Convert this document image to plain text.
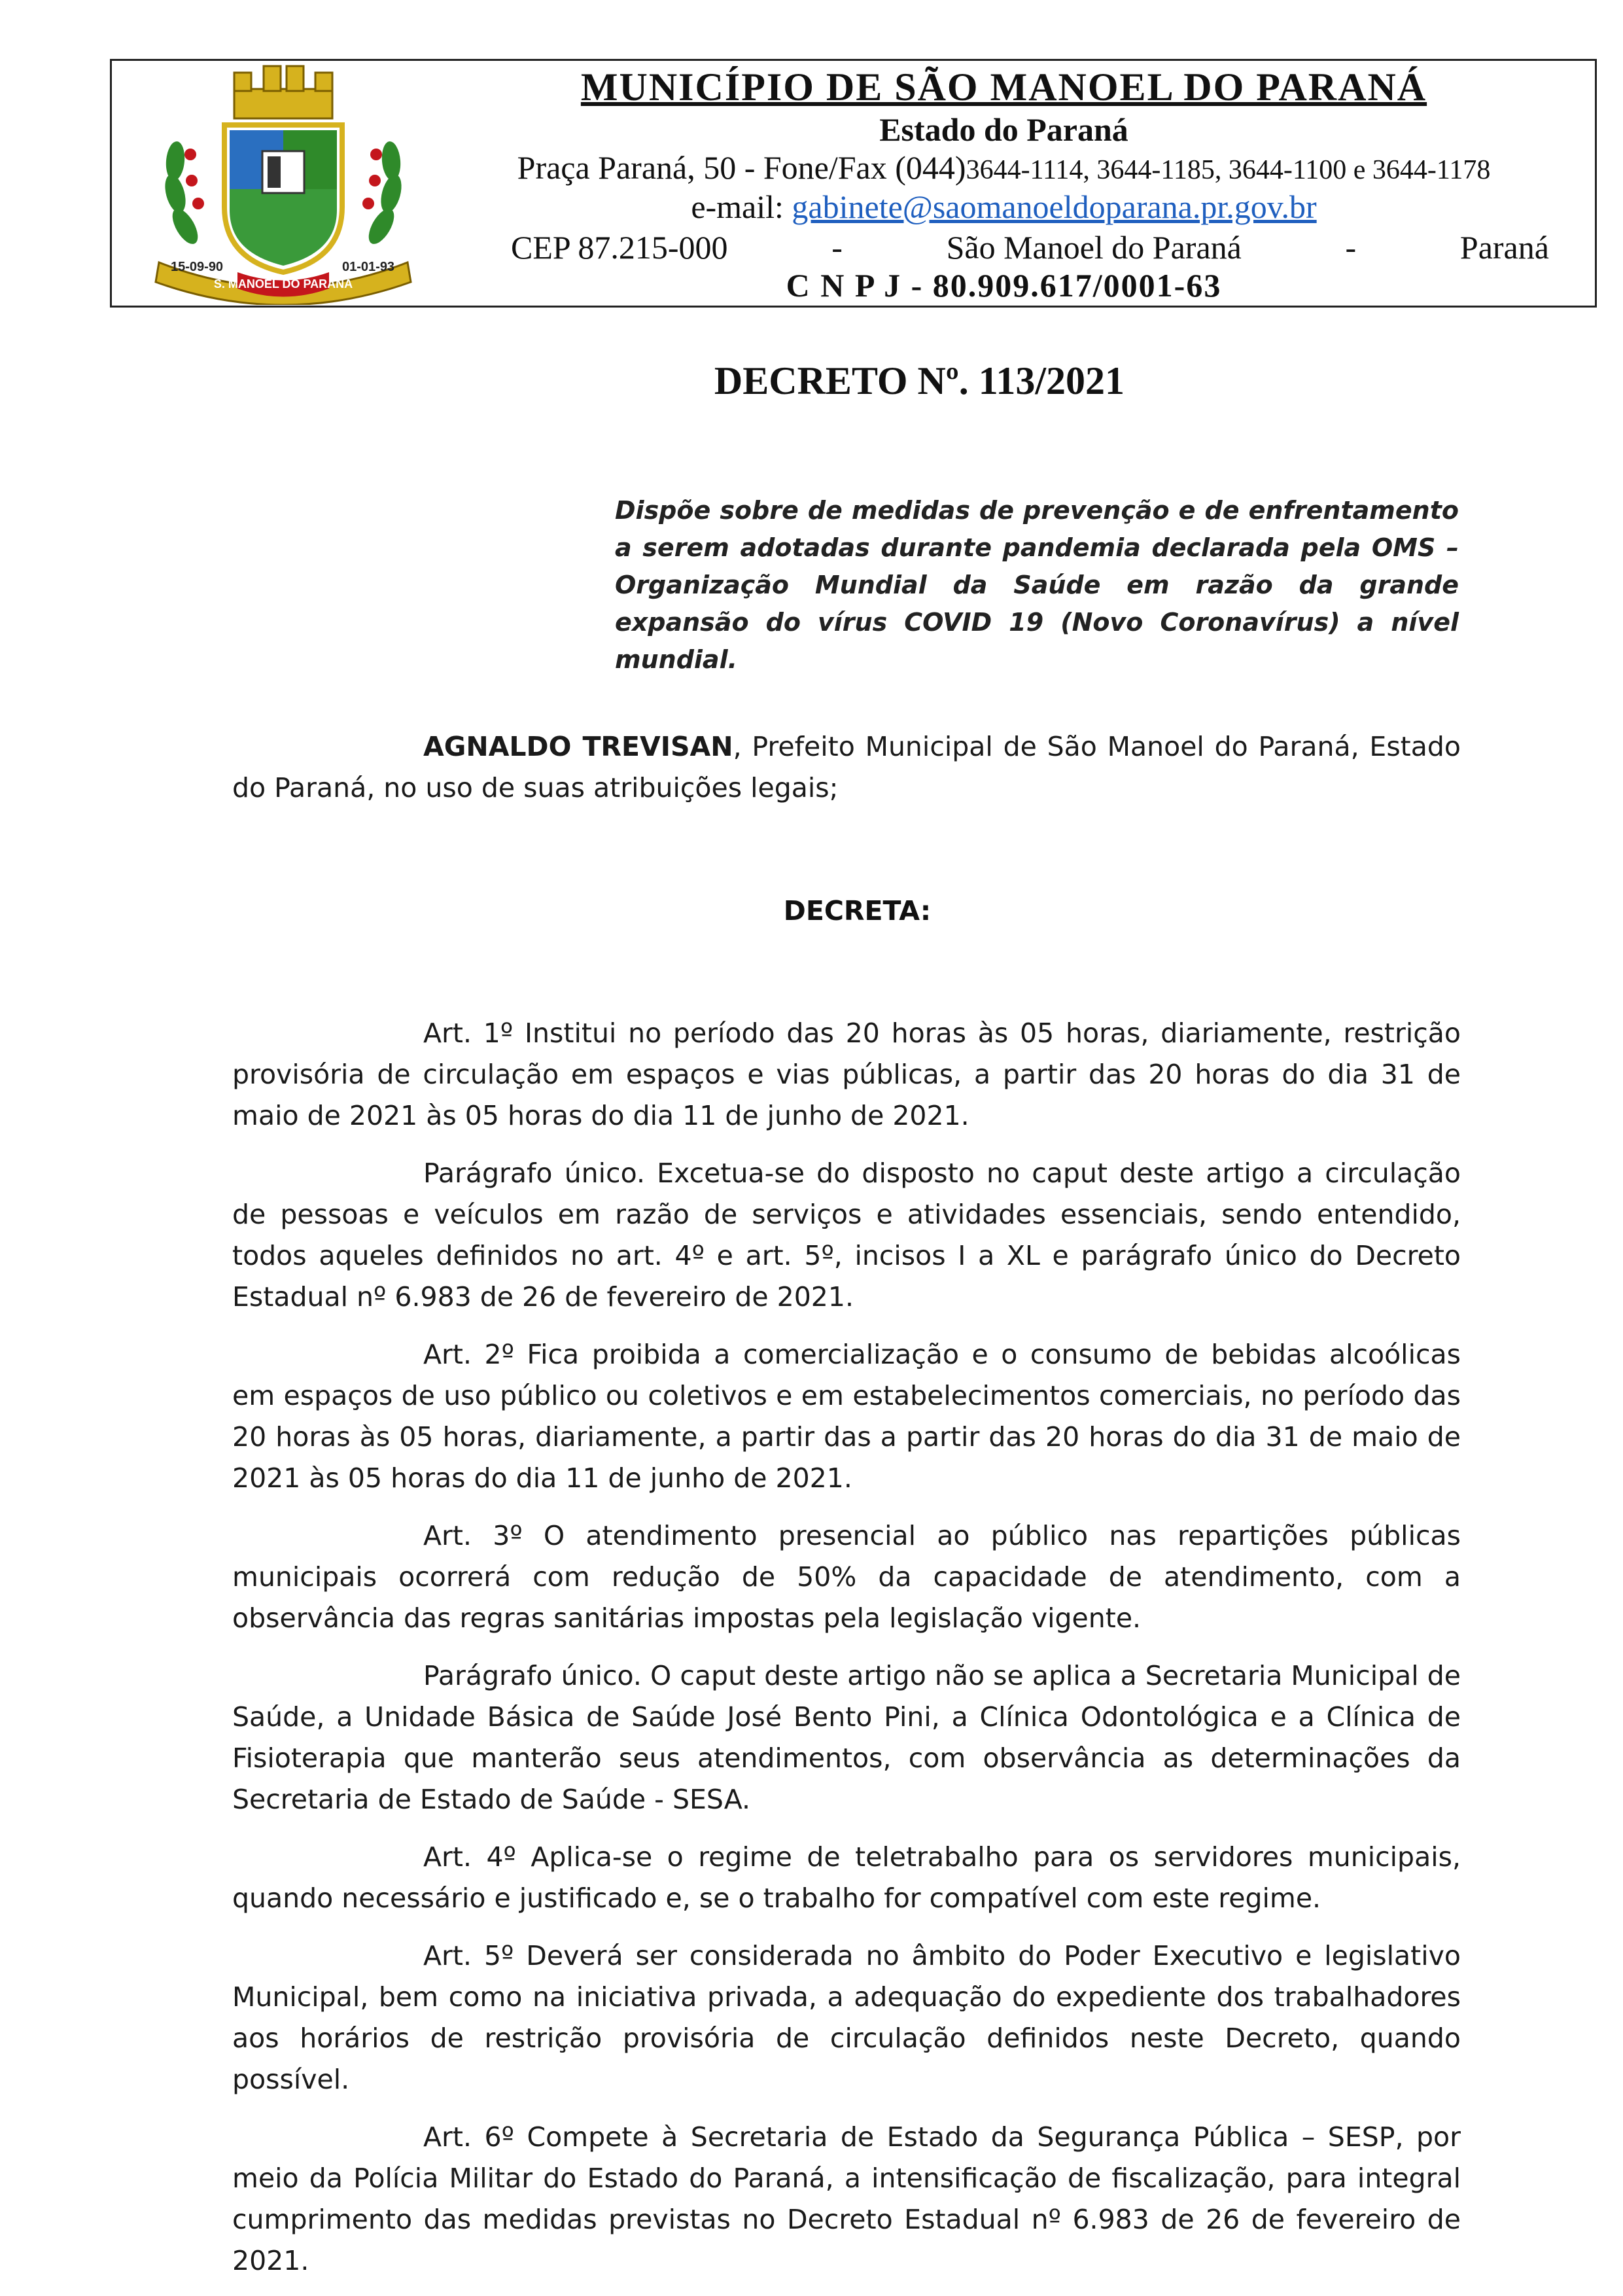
15-09-90	01-01-93
S. MANOEL DO PARANÁ
MUNICÍPIO DE SÃO MANOEL DO PARANÁ
Estado do Paraná
Praça Paraná, 50 - Fone/Fax (044)3644-1114, 3644-1185, 3644-1100 e 3644-1178
e-mail: gabinete@saomanoeldoparana.pr.gov.br
CEP 87.215-000	-	São Manoel do Paraná	-	Paraná
C N P J - 80.909.617/0001-63
DECRETO Nº. 113/2021
Dispõe sobre de medidas de prevenção e de enfrentamento a serem adotadas durante pandemia declarada pela OMS – Organização Mundial da Saúde em razão da grande expansão do vírus COVID 19 (Novo Coronavírus) a nível mundial.
AGNALDO TREVISAN, Prefeito Municipal de São Manoel do Paraná, Estado do Paraná, no uso de suas atribuições legais;
DECRETA:

Art. 1º Institui no período das 20 horas às 05 horas, diariamente, restrição provisória de circulação em espaços e vias públicas, a partir das 20 horas do dia 31 de maio de 2021 às 05 horas do dia 11 de junho de 2021.

Parágrafo único. Excetua-se do disposto no caput deste artigo a circulação de pessoas e veículos em razão de serviços e atividades essenciais, sendo entendido, todos aqueles definidos no art. 4º e art. 5º, incisos I a XL e parágrafo único do Decreto Estadual nº 6.983 de 26 de fevereiro de 2021.

Art. 2º Fica proibida a comercialização e o consumo de bebidas alcoólicas em espaços de uso público ou coletivos e em estabelecimentos comerciais, no período das 20 horas às 05 horas, diariamente, a partir das a partir das 20 horas do dia 31 de maio de 2021 às 05 horas do dia 11 de junho de 2021.

Art. 3º O atendimento presencial ao público nas repartições públicas municipais ocorrerá com redução de 50% da capacidade de atendimento, com a observância das regras sanitárias impostas pela legislação vigente.

Parágrafo único. O caput deste artigo não se aplica a Secretaria Municipal de Saúde, a Unidade Básica de Saúde José Bento Pini, a Clínica Odontológica e a Clínica de Fisioterapia que manterão seus atendimentos, com observância as determinações da Secretaria de Estado de Saúde - SESA.

Art. 4º Aplica-se o regime de teletrabalho para os servidores municipais, quando necessário e justificado e, se o trabalho for compatível com este regime.

Art. 5º Deverá ser considerada no âmbito do Poder Executivo e legislativo Municipal, bem como na iniciativa privada, a adequação do expediente dos trabalhadores aos horários de restrição provisória de circulação definidos neste Decreto, quando possível.

Art. 6º Compete à Secretaria de Estado da Segurança Pública – SESP, por meio da Polícia Militar do Estado do Paraná, a intensificação de fiscalização, para integral cumprimento das medidas previstas no Decreto Estadual nº 6.983 de 26 de fevereiro de 2021.
